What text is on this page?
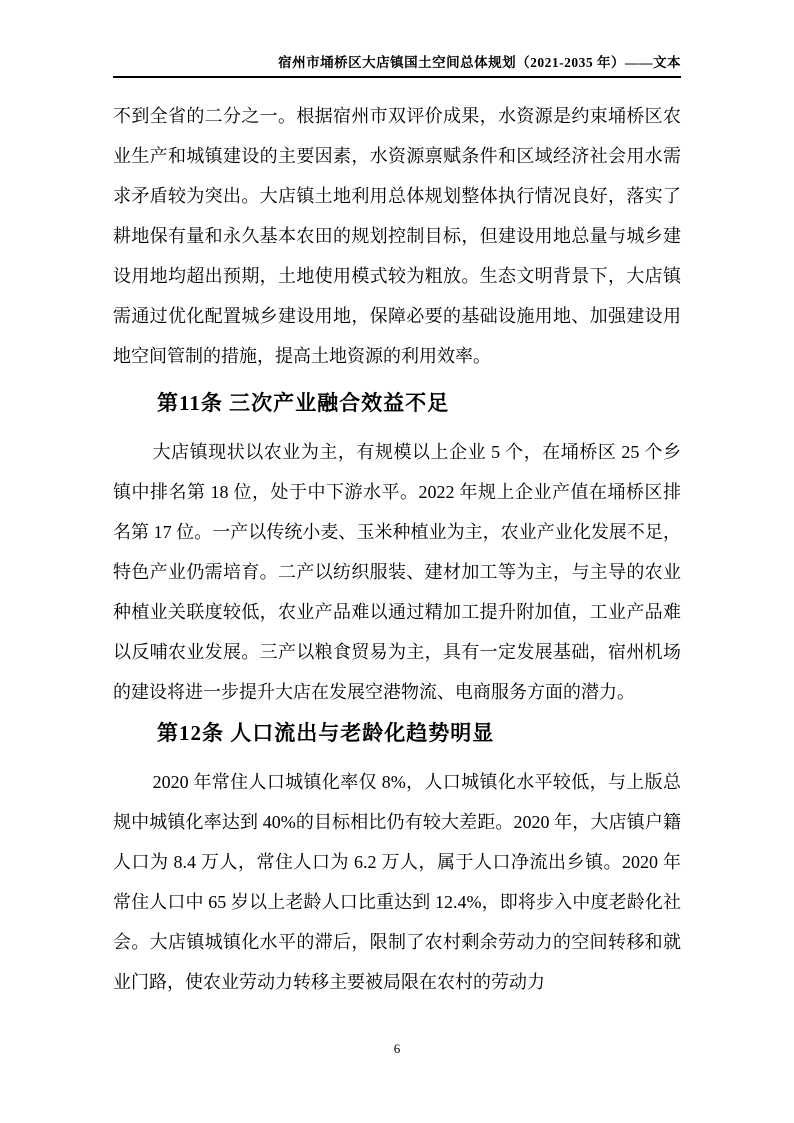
宿州市埇桥区大店镇国土空间总体规划（2021-2035 年）——文本

不到全省的二分之一。根据宿州市双评价成果，水资源是约束埇桥区农业生产和城镇建设的主要因素，水资源禀赋条件和区域经济社会用水需求矛盾较为突出。大店镇土地利用总体规划整体执行情况良好，落实了耕地保有量和永久基本农田的规划控制目标，但建设用地总量与城乡建设用地均超出预期，土地使用模式较为粗放。生态文明背景下，大店镇需通过优化配置城乡建设用地，保障必要的基础设施用地、加强建设用地空间管制的措施，提高土地资源的利用效率。

第11条 三次产业融合效益不足

大店镇现状以农业为主，有规模以上企业 5 个，在埇桥区 25 个乡镇中排名第 18 位，处于中下游水平。2022 年规上企业产值在埇桥区排名第 17 位。一产以传统小麦、玉米种植业为主，农业产业化发展不足，特色产业仍需培育。二产以纺织服装、建材加工等为主，与主导的农业种植业关联度较低，农业产品难以通过精加工提升附加值，工业产品难以反哺农业发展。三产以粮食贸易为主，具有一定发展基础，宿州机场的建设将进一步提升大店在发展空港物流、电商服务方面的潜力。

第12条 人口流出与老龄化趋势明显

2020 年常住人口城镇化率仅 8%，人口城镇化水平较低，与上版总规中城镇化率达到 40%的目标相比仍有较大差距。2020 年，大店镇户籍人口为 8.4 万人，常住人口为 6.2 万人，属于人口净流出乡镇。2020 年常住人口中 65 岁以上老龄人口比重达到 12.4%，即将步入中度老龄化社会。大店镇城镇化水平的滞后，限制了农村剩余劳动力的空间转移和就业门路，使农业劳动力转移主要被局限在农村的劳动力

6
